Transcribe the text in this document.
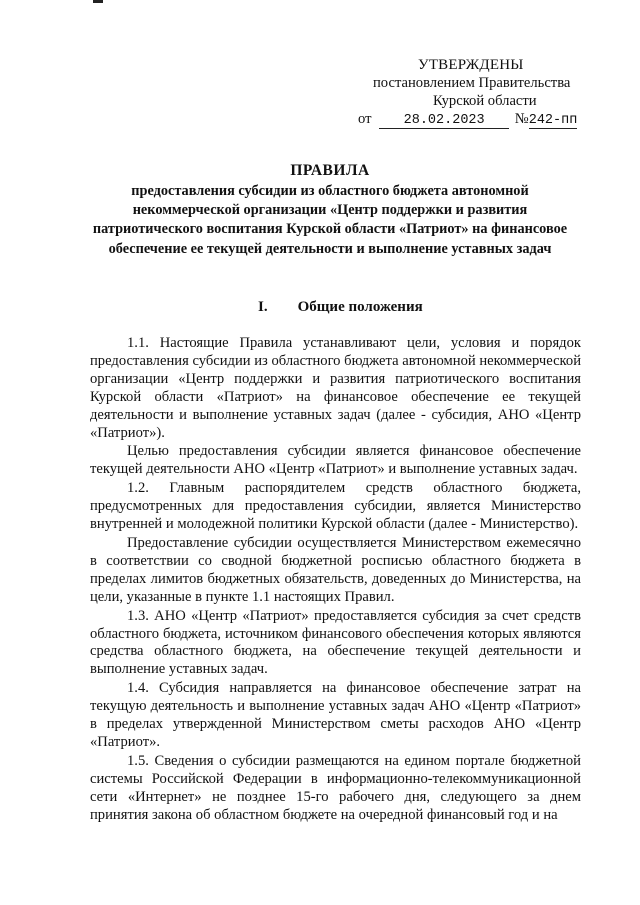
УТВЕРЖДЕНЫ
постановлением Правительства
Курской области
от 28.02.2023 №242-пп
ПРАВИЛА
предоставления субсидии из областного бюджета автономной некоммерческой организации «Центр поддержки и развития патриотического воспитания Курской области «Патриот» на финансовое обеспечение ее текущей деятельности и выполнение уставных задач
I. Общие положения

1.1. Настоящие Правила устанавливают цели, условия и порядок предоставления субсидии из областного бюджета автономной некоммерческой организации «Центр поддержки и развития патриотического воспитания Курской области «Патриот» на финансовое обеспечение ее текущей деятельности и выполнение уставных задач (далее - субсидия, АНО «Центр «Патриот»).

Целью предоставления субсидии является финансовое обеспечение текущей деятельности АНО «Центр «Патриот» и выполнение уставных задач.

1.2. Главным распорядителем средств областного бюджета, предусмотренных для предоставления субсидии, является Министерство внутренней и молодежной политики Курской области (далее - Министерство).

Предоставление субсидии осуществляется Министерством ежемесячно в соответствии со сводной бюджетной росписью областного бюджета в пределах лимитов бюджетных обязательств, доведенных до Министерства, на цели, указанные в пункте 1.1 настоящих Правил.

1.3. АНО «Центр «Патриот» предоставляется субсидия за счет средств областного бюджета, источником финансового обеспечения которых являются средства областного бюджета, на обеспечение текущей деятельности и выполнение уставных задач.

1.4. Субсидия направляется на финансовое обеспечение затрат на текущую деятельность и выполнение уставных задач АНО «Центр «Патриот» в пределах утвержденной Министерством сметы расходов АНО «Центр «Патриот».

1.5. Сведения о субсидии размещаются на едином портале бюджетной системы Российской Федерации в информационно-телекоммуникационной сети «Интернет» не позднее 15-го рабочего дня, следующего за днем принятия закона об областном бюджете на очередной финансовый год и на
